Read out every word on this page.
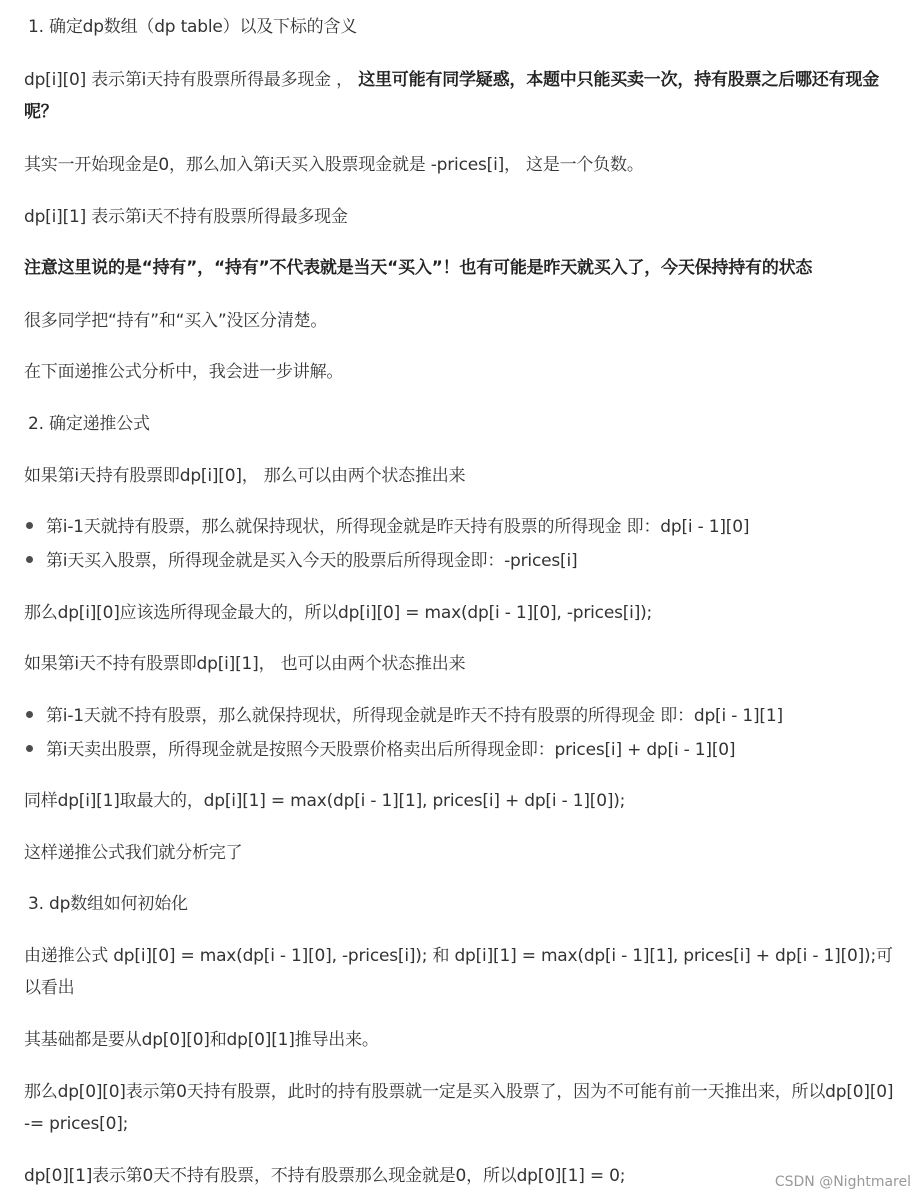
1. 确定dp数组（dp table）以及下标的含义
dp[i][0] 表示第i天持有股票所得最多现金 ， 这里可能有同学疑惑，本题中只能买卖一次，持有股票之后哪还有现金呢？
其实一开始现金是0，那么加入第i天买入股票现金就是 -prices[i]， 这是一个负数。
dp[i][1] 表示第i天不持有股票所得最多现金
注意这里说的是“持有”，“持有”不代表就是当天“买入”！也有可能是昨天就买入了，今天保持持有的状态
很多同学把“持有”和“买入”没区分清楚。
在下面递推公式分析中，我会进一步讲解。
2. 确定递推公式
如果第i天持有股票即dp[i][0]， 那么可以由两个状态推出来
第i-1天就持有股票，那么就保持现状，所得现金就是昨天持有股票的所得现金 即：dp[i - 1][0]
第i天买入股票，所得现金就是买入今天的股票后所得现金即：-prices[i]
那么dp[i][0]应该选所得现金最大的，所以dp[i][0] = max(dp[i - 1][0], -prices[i]);
如果第i天不持有股票即dp[i][1]， 也可以由两个状态推出来
第i-1天就不持有股票，那么就保持现状，所得现金就是昨天不持有股票的所得现金 即：dp[i - 1][1]
第i天卖出股票，所得现金就是按照今天股票价格卖出后所得现金即：prices[i] + dp[i - 1][0]
同样dp[i][1]取最大的，dp[i][1] = max(dp[i - 1][1], prices[i] + dp[i - 1][0]);
这样递推公式我们就分析完了
3. dp数组如何初始化
由递推公式 dp[i][0] = max(dp[i - 1][0], -prices[i]); 和 dp[i][1] = max(dp[i - 1][1], prices[i] + dp[i - 1][0]);可以看出
其基础都是要从dp[0][0]和dp[0][1]推导出来。
那么dp[0][0]表示第0天持有股票，此时的持有股票就一定是买入股票了，因为不可能有前一天推出来，所以dp[0][0] -= prices[0];
dp[0][1]表示第0天不持有股票，不持有股票那么现金就是0，所以dp[0][1] = 0;	CSDN @Nightmarel
